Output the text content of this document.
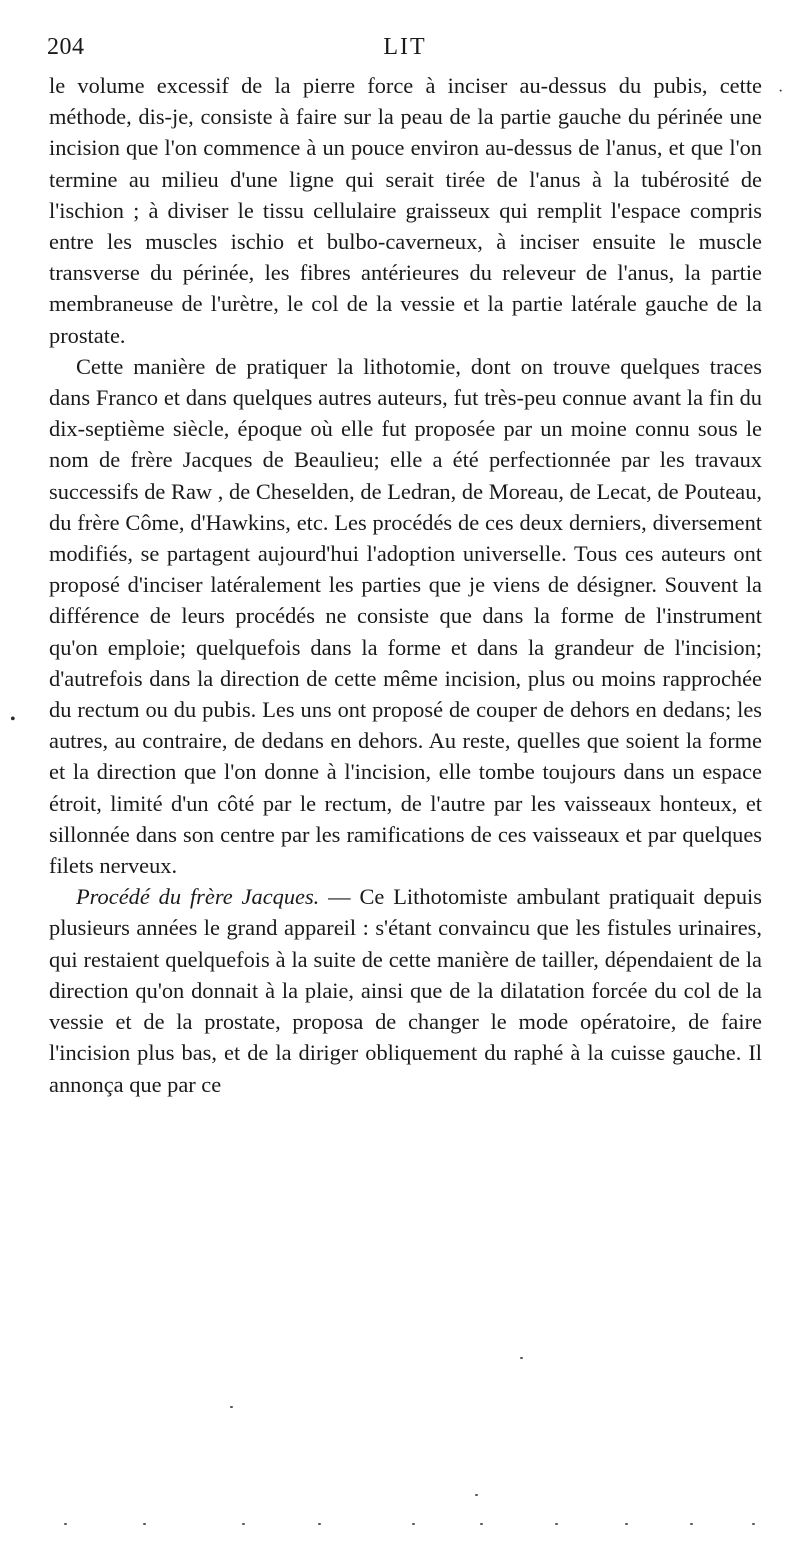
204	LIT

le volume excessif de la pierre force à inciser au-dessus du pubis, cette méthode, dis-je, consiste à faire sur la peau de la partie gauche du périnée une incision que l'on commence à un pouce environ au-dessus de l'anus, et que l'on termine au milieu d'une ligne qui serait tirée de l'anus à la tubérosité de l'ischion ; à diviser le tissu cellulaire graisseux qui remplit l'espace compris entre les muscles ischio et bulbo-caverneux, à inciser ensuite le muscle transverse du périnée, les fibres antérieures du releveur de l'anus, la partie membraneuse de l'urètre, le col de la vessie et la partie latérale gauche de la prostate.

Cette manière de pratiquer la lithotomie, dont on trouve quelques traces dans Franco et dans quelques autres auteurs, fut très-peu connue avant la fin du dix-septième siècle, époque où elle fut proposée par un moine connu sous le nom de frère Jacques de Beaulieu; elle a été perfectionnée par les travaux successifs de Raw , de Cheselden, de Ledran, de Moreau, de Lecat, de Pouteau, du frère Côme, d'Hawkins, etc. Les procédés de ces deux derniers, diversement modifiés, se partagent aujourd'hui l'adoption universelle. Tous ces auteurs ont proposé d'inciser latéralement les parties que je viens de désigner. Souvent la différence de leurs procédés ne consiste que dans la forme de l'instrument qu'on emploie; quelquefois dans la forme et dans la grandeur de l'incision; d'autrefois dans la direction de cette même incision, plus ou moins rapprochée du rectum ou du pubis. Les uns ont proposé de couper de dehors en dedans; les autres, au contraire, de dedans en dehors. Au reste, quelles que soient la forme et la direction que l'on donne à l'incision, elle tombe toujours dans un espace étroit, limité d'un côté par le rectum, de l'autre par les vaisseaux honteux, et sillonnée dans son centre par les ramifications de ces vaisseaux et par quelques filets nerveux.

Procédé du frère Jacques. — Ce Lithotomiste ambulant pratiquait depuis plusieurs années le grand appareil : s'étant convaincu que les fistules urinaires, qui restaient quelquefois à la suite de cette manière de tailler, dépendaient de la direction qu'on donnait à la plaie, ainsi que de la dilatation forcée du col de la vessie et de la prostate, proposa de changer le mode opératoire, de faire l'incision plus bas, et de la diriger obliquement du raphé à la cuisse gauche. Il annonça que par ce

•
·
